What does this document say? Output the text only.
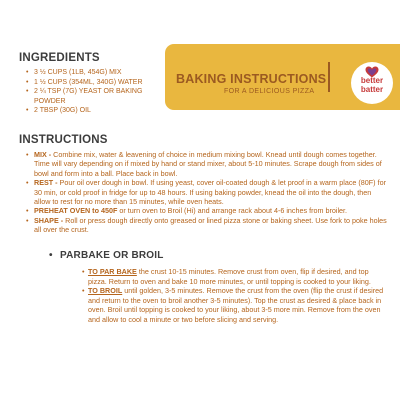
INGREDIENTS
• 3 ½ CUPS (1LB, 454G) MIX
• 1 ½ CUPS (354ML, 340G) WATER
• 2 ¼ TSP (7G) YEAST OR BAKING POWDER
• 2 TBSP (30G) OIL
BAKING INSTRUCTIONS
FOR A DELICIOUS PIZZA
better
batter
INSTRUCTIONS
• MIX - Combine mix, water & leavening of choice in medium mixing bowl. Knead until dough comes together. Time will vary depending on if mixed by hand or stand mixer, about 5-10 minutes. Scrape dough from sides of bowl and form into a ball. Place back in bowl.
• REST - Pour oil over dough in bowl. If using yeast, cover oil-coated dough & let proof in a warm place (80F) for 30 min, or cold proof in fridge for up to 48 hours. If using baking powder, knead the oil into the dough, then allow to rest for no more than 15 minutes, while oven heats.
• PREHEAT OVEN to 450F or turn oven to Broil (Hi) and arrange rack about 4-6 inches from broiler.
• SHAPE - Roll or press dough directly onto greased or lined pizza stone or baking sheet. Use fork to poke holes all over the crust.
• PARBAKE OR BROIL
• TO PAR BAKE the crust 10-15 minutes. Remove crust from oven, flip if desired, and top pizza. Return to oven and bake 10 more minutes, or until topping is cooked to your liking.
• TO BROIL until golden, 3-5 minutes. Remove the crust from the oven (flip the crust if desired and return to the oven to broil another 3-5 minutes). Top the crust as desired & place back in oven. Broil until topping is cooked to your liking, about 3-5 more min. Remove from the oven and allow to cool a minute or two before slicing and serving.
